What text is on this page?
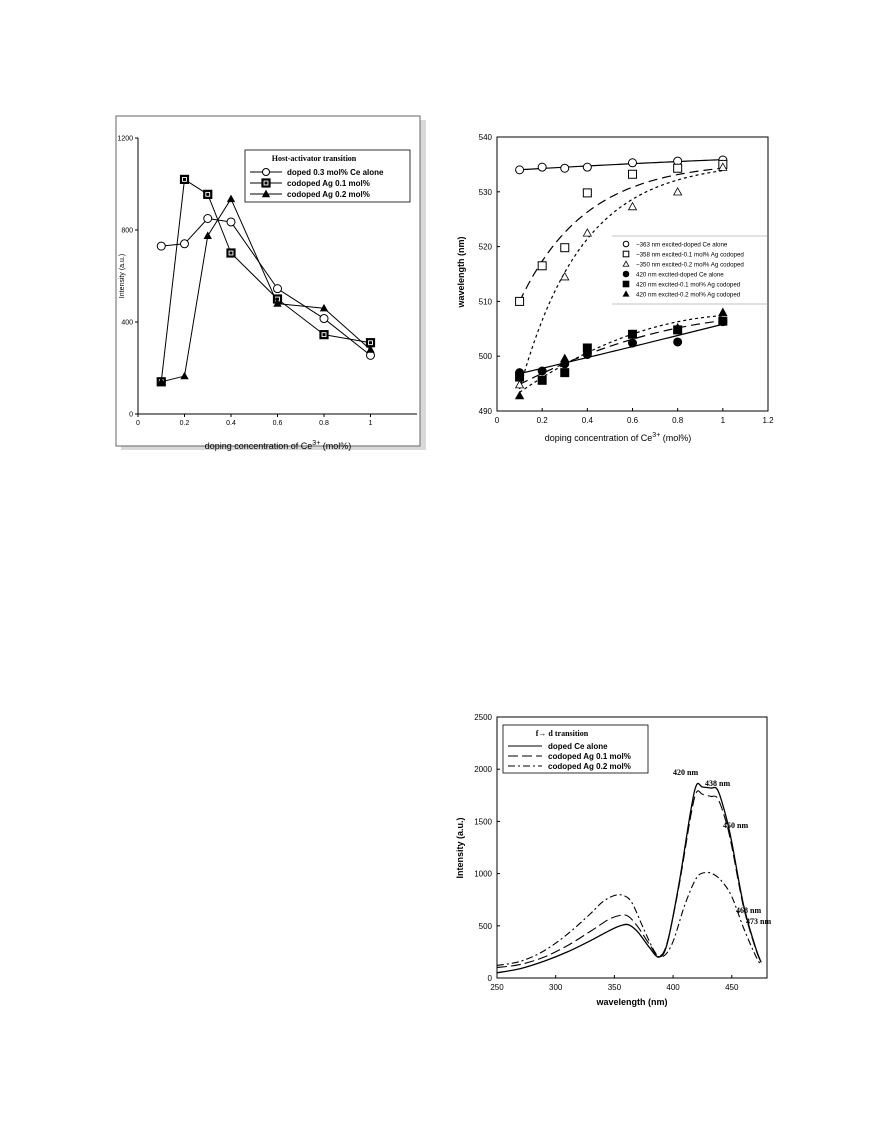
0	0.2	0.4	0.6	0.8	1
0
400
800
1200
Intensity (a.u.)
doping concentration of $Ce^{3+}$ (mol%)
Host-activator transition
doped 0.3 mol% Ce alone
codoped Ag 0.1 mol%
codoped Ag 0.2 mol%
0	0.2	0.4	0.6	0.8	1	1.2
490
500
510
520
530
540
wavelength (nm)
doping concentration of $Ce^{3+}$ (mol%)
~363 nm excited-doped Ce alone
~358 nm excited-0.1 mol% Ag codoped
~350 nm excited-0.2 mol% Ag codoped
420 nm excited-doped Ce alone
420 nm excited-0.1 mol% Ag codoped
420 nm excited-0.2 mol% Ag codoped
250	300	350	400	450
0
500
1000
1500
2000
2500
Intensity (a.u.)
wavelength (nm)
f→ d transition
doped Ce alone
codoped Ag 0.1 mol%
codoped Ag 0.2 mol%
420 nm
438 nm
450 nm
468 nm
473 nm
